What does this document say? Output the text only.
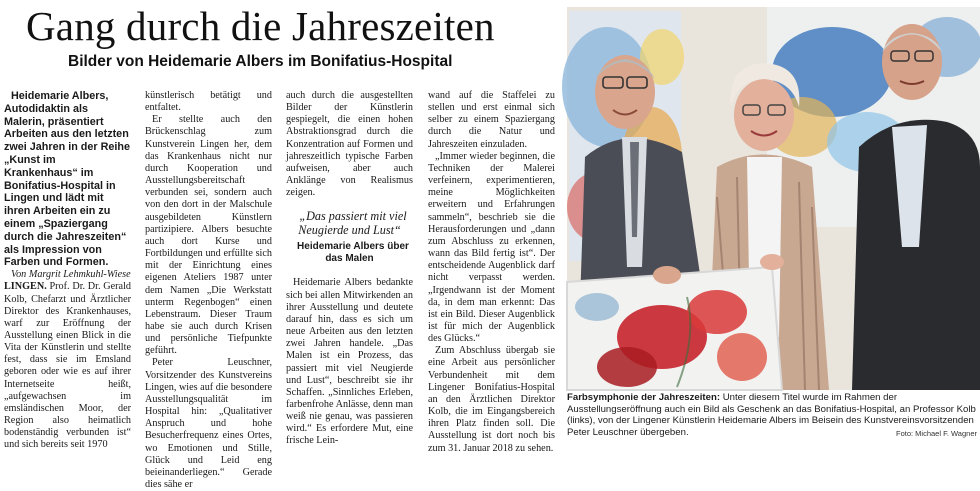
Gang durch die Jahreszeiten
Bilder von Heidemarie Albers im Bonifatius-Hospital

Heidemarie Albers, Autodidaktin als Malerin, präsentiert Arbeiten aus den letzten zwei Jahren in der Reihe „Kunst im Krankenhaus“ im Bonifatius-Hospital in Lingen und lädt mit ihren Arbeiten ein zu einem „Spaziergang durch die Jahreszeiten“ als Impression von Farben und Formen.

Von Margrit Lehmkuhl-Wiese

LINGEN. Prof. Dr. Dr. Gerald Kolb, Chefarzt und Ärztlicher Direktor des Krankenhauses, warf zur Eröffnung der Ausstellung einen Blick in die Vita der Künstlerin und stellte fest, dass sie im Emsland geboren oder wie es auf ihrer Internetseite heißt, „aufgewachsen im emsländischen Moor, der Region also heimatlich bodenständig verbunden ist“ und sich bereits seit 1970

künstlerisch betätigt und entfaltet.

Er stellte auch den Brückenschlag zum Kunstverein Lingen her, dem das Krankenhaus nicht nur durch Kooperation und Ausstellungsbereitschaft verbunden sei, sondern auch von den dort in der Malschule ausgebildeten Künstlern partizipiere. Albers besuchte auch dort Kurse und Fortbildungen und erfüllte sich mit der Einrichtung eines eigenen Ateliers 1987 unter dem Namen „Die Werkstatt unterm Regenbogen“ einen Lebenstraum. Dieser Traum habe sie auch durch Krisen und persönliche Tiefpunkte geführt.

Peter Leuschner, Vorsitzender des Kunstvereins Lingen, wies auf die besondere Ausstellungsqualität im Hospital hin: „Qualitativer Anspruch und hohe Besucherfrequenz eines Ortes, wo Emotionen und Stille, Glück und Leid eng beieinanderliegen.“ Gerade dies sähe er

auch durch die ausgestellten Bilder der Künstlerin gespiegelt, die einen hohen Abstraktionsgrad durch die Konzentration auf Formen und jahreszeitlich typische Farben aufweisen, aber auch Anklänge von Realismus zeigen.

„Das passiert mit viel Neugierde und Lust“

Heidemarie Albers über das Malen

Heidemarie Albers bedankte sich bei allen Mitwirkenden an ihrer Ausstellung und deutete darauf hin, dass es sich um neue Arbeiten aus den letzten zwei Jahren handele. „Das Malen ist ein Prozess, das passiert mit viel Neugierde und Lust“, beschreibt sie ihr Schaffen. „Sinnliches Erleben, farbenfrohe Anlässe, denn man weiß nie genau, was passieren wird.“ Es erfordere Mut, eine frische Lein-

wand auf die Staffelei zu stellen und erst einmal sich selber zu einem Spaziergang durch die Natur und Jahreszeiten einzuladen.

„Immer wieder beginnen, die Techniken der Malerei verfeinern, experimentieren, meine Möglichkeiten erweitern und Erfahrungen sammeln“, beschrieb sie die Herausforderungen und „dann zum Abschluss zu erkennen, wann das Bild fertig ist“. Der entscheidende Augenblick darf nicht verpasst werden. „Irgendwann ist der Moment da, in dem man erkennt: Das ist ein Bild. Dieser Augenblick ist für mich der Augenblick des Glücks.“

Zum Abschluss übergab sie eine Arbeit aus persönlicher Verbundenheit mit dem Lingener Bonifatius-Hospital an den Ärztlichen Direktor Kolb, die im Eingangsbereich ihren Platz finden soll. Die Ausstellung ist dort noch bis zum 31. Januar 2018 zu sehen.

Farbsymphonie der Jahreszeiten: Unter diesem Titel wurde im Rahmen der Ausstellungseröffnung auch ein Bild als Geschenk an das Bonifatius-Hospital, an Professor Kolb (links), von der Lingener Künstlerin Heidemarie Albers im Beisein des Kunstvereinsvorsitzenden Peter Leuschner übergeben.	Foto: Michael F. Wagner
